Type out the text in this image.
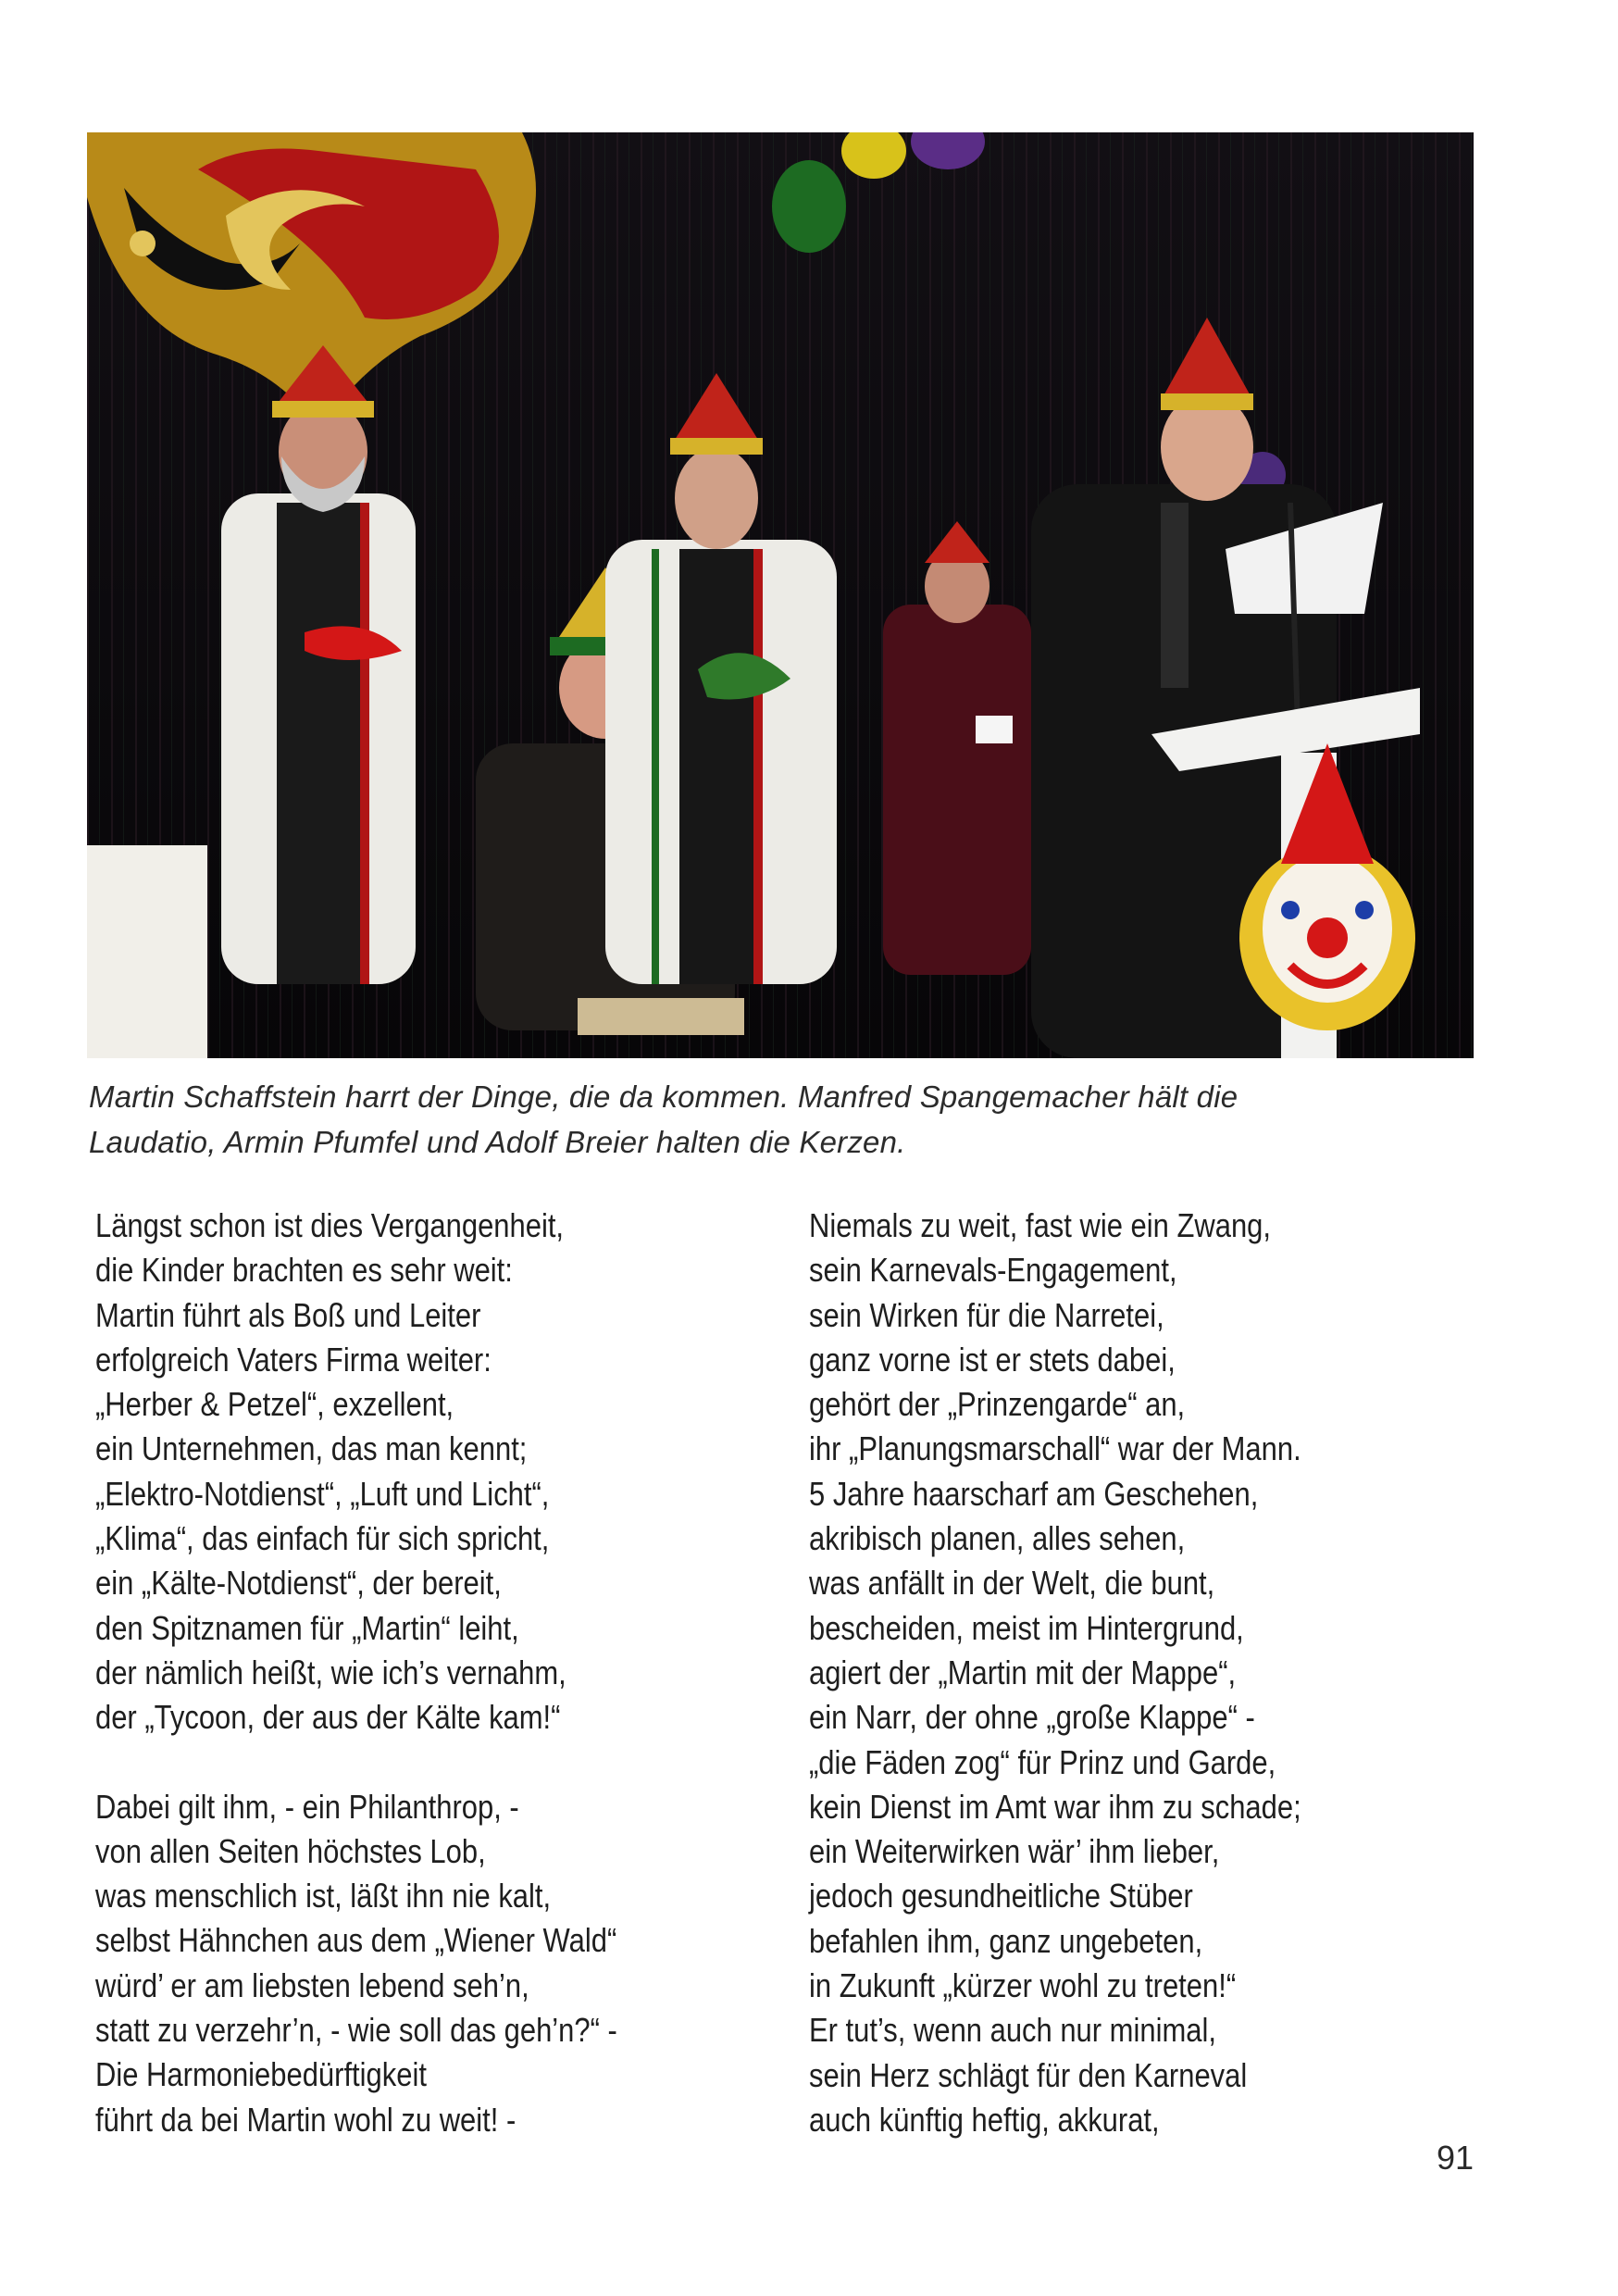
Martin Schaffstein harrt der Dinge, die da kommen. Manfred Spangemacher hält die
Laudatio, Armin Pfumfel und Adolf Breier halten die Kerzen.
Längst schon ist dies Vergangenheit,
die Kinder brachten es sehr weit:
Martin führt als Boß und Leiter
erfolgreich Vaters Firma weiter:
„Herber & Petzel“, exzellent,
ein Unternehmen, das man kennt;
„Elektro-Notdienst“, „Luft und Licht“,
„Klima“, das einfach für sich spricht,
ein „Kälte-Notdienst“, der bereit,
den Spitznamen für „Martin“ leiht,
der nämlich heißt, wie ich’s vernahm,
der „Tycoon, der aus der Kälte kam!“
Dabei gilt ihm, - ein Philanthrop, -
von allen Seiten höchstes Lob,
was menschlich ist, läßt ihn nie kalt,
selbst Hähnchen aus dem „Wiener Wald“
würd’ er am liebsten lebend seh’n,
statt zu verzehr’n, - wie soll das geh’n?“ -
Die Harmoniebedürftigkeit
führt da bei Martin wohl zu weit! -
Niemals zu weit, fast wie ein Zwang,
sein Karnevals-Engagement,
sein Wirken für die Narretei,
ganz vorne ist er stets dabei,
gehört der „Prinzengarde“ an,
ihr „Planungsmarschall“ war der Mann.
5 Jahre haarscharf am Geschehen,
akribisch planen, alles sehen,
was anfällt in der Welt, die bunt,
bescheiden, meist im Hintergrund,
agiert der „Martin mit der Mappe“,
ein Narr, der ohne „große Klappe“ -
„die Fäden zog“ für Prinz und Garde,
kein Dienst im Amt war ihm zu schade;
ein Weiterwirken wär’ ihm lieber,
jedoch gesundheitliche Stüber
befahlen ihm, ganz ungebeten,
in Zukunft „kürzer wohl zu treten!“
Er tut’s, wenn auch nur minimal,
sein Herz schlägt für den Karneval
auch künftig heftig, akkurat,
91
